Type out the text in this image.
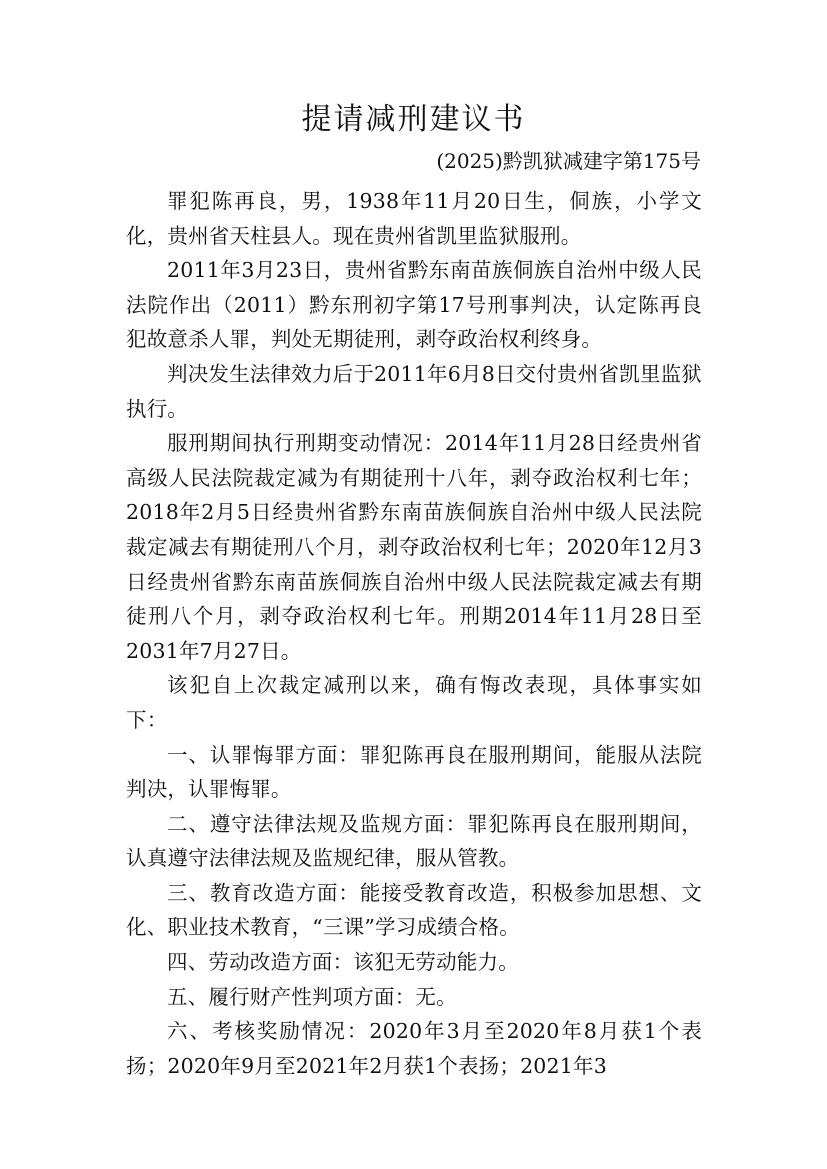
提请减刑建议书

(2025)黔凯狱减建字第175号

罪犯陈再良，男，1938年11月20日生，侗族，小学文化，贵州省天柱县人。现在贵州省凯里监狱服刑。

2011年3月23日，贵州省黔东南苗族侗族自治州中级人民法院作出（2011）黔东刑初字第17号刑事判决，认定陈再良犯故意杀人罪，判处无期徒刑，剥夺政治权利终身。

判决发生法律效力后于2011年6月8日交付贵州省凯里监狱执行。

服刑期间执行刑期变动情况：2014年11月28日经贵州省高级人民法院裁定减为有期徒刑十八年，剥夺政治权利七年；2018年2月5日经贵州省黔东南苗族侗族自治州中级人民法院裁定减去有期徒刑八个月，剥夺政治权利七年；2020年12月3日经贵州省黔东南苗族侗族自治州中级人民法院裁定减去有期徒刑八个月，剥夺政治权利七年。刑期2014年11月28日至2031年7月27日。

该犯自上次裁定减刑以来，确有悔改表现，具体事实如下：

一、认罪悔罪方面：罪犯陈再良在服刑期间，能服从法院判决，认罪悔罪。

二、遵守法律法规及监规方面：罪犯陈再良在服刑期间，认真遵守法律法规及监规纪律，服从管教。

三、教育改造方面：能接受教育改造，积极参加思想、文化、职业技术教育，“三课”学习成绩合格。

四、劳动改造方面：该犯无劳动能力。

五、履行财产性判项方面：无。

六、考核奖励情况：2020年3月至2020年8月获1个表扬；2020年9月至2021年2月获1个表扬；2021年3
